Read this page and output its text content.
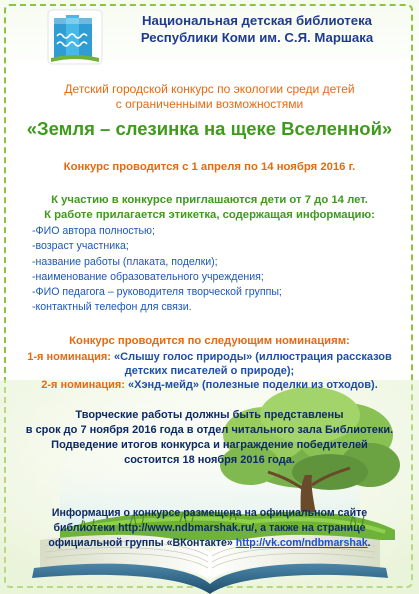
Национальная детская библиотека
Республики Коми им. С.Я. Маршака
Детский городской конкурс по экологии среди детей
с ограниченными возможностями
«Земля – слезинка на щеке Вселенной»
Конкурс проводится с 1 апреля по 14 ноября 2016 г.
К участию в конкурсе приглашаются дети от 7 до 14 лет.
К работе прилагается этикетка, содержащая информацию:
-ФИО автора полностью;
-возраст участника;
-название работы (плаката, поделки);
-наименование образовательного учреждения;
-ФИО педагога – руководителя творческой группы;
-контактный телефон для связи.
Конкурс проводится по следующим номинациям:
1-я номинация: «Слышу голос природы» (иллюстрация рассказов
детских писателей о природе);
2-я номинация: «Хэнд-мейд» (полезные поделки из отходов).
Творческие работы должны быть представлены
в срок до 7 ноября 2016 года в отдел читального зала Библиотеки.
Подведение итогов конкурса и награждение победителей
состоится 18 ноября 2016 года.
Информация о конкурсе размещена на официальном сайте
библиотеки http://www.ndbmarshak.ru/, а также на странице
официальной группы «ВКонтакте» http://vk.com/ndbmarshak.
